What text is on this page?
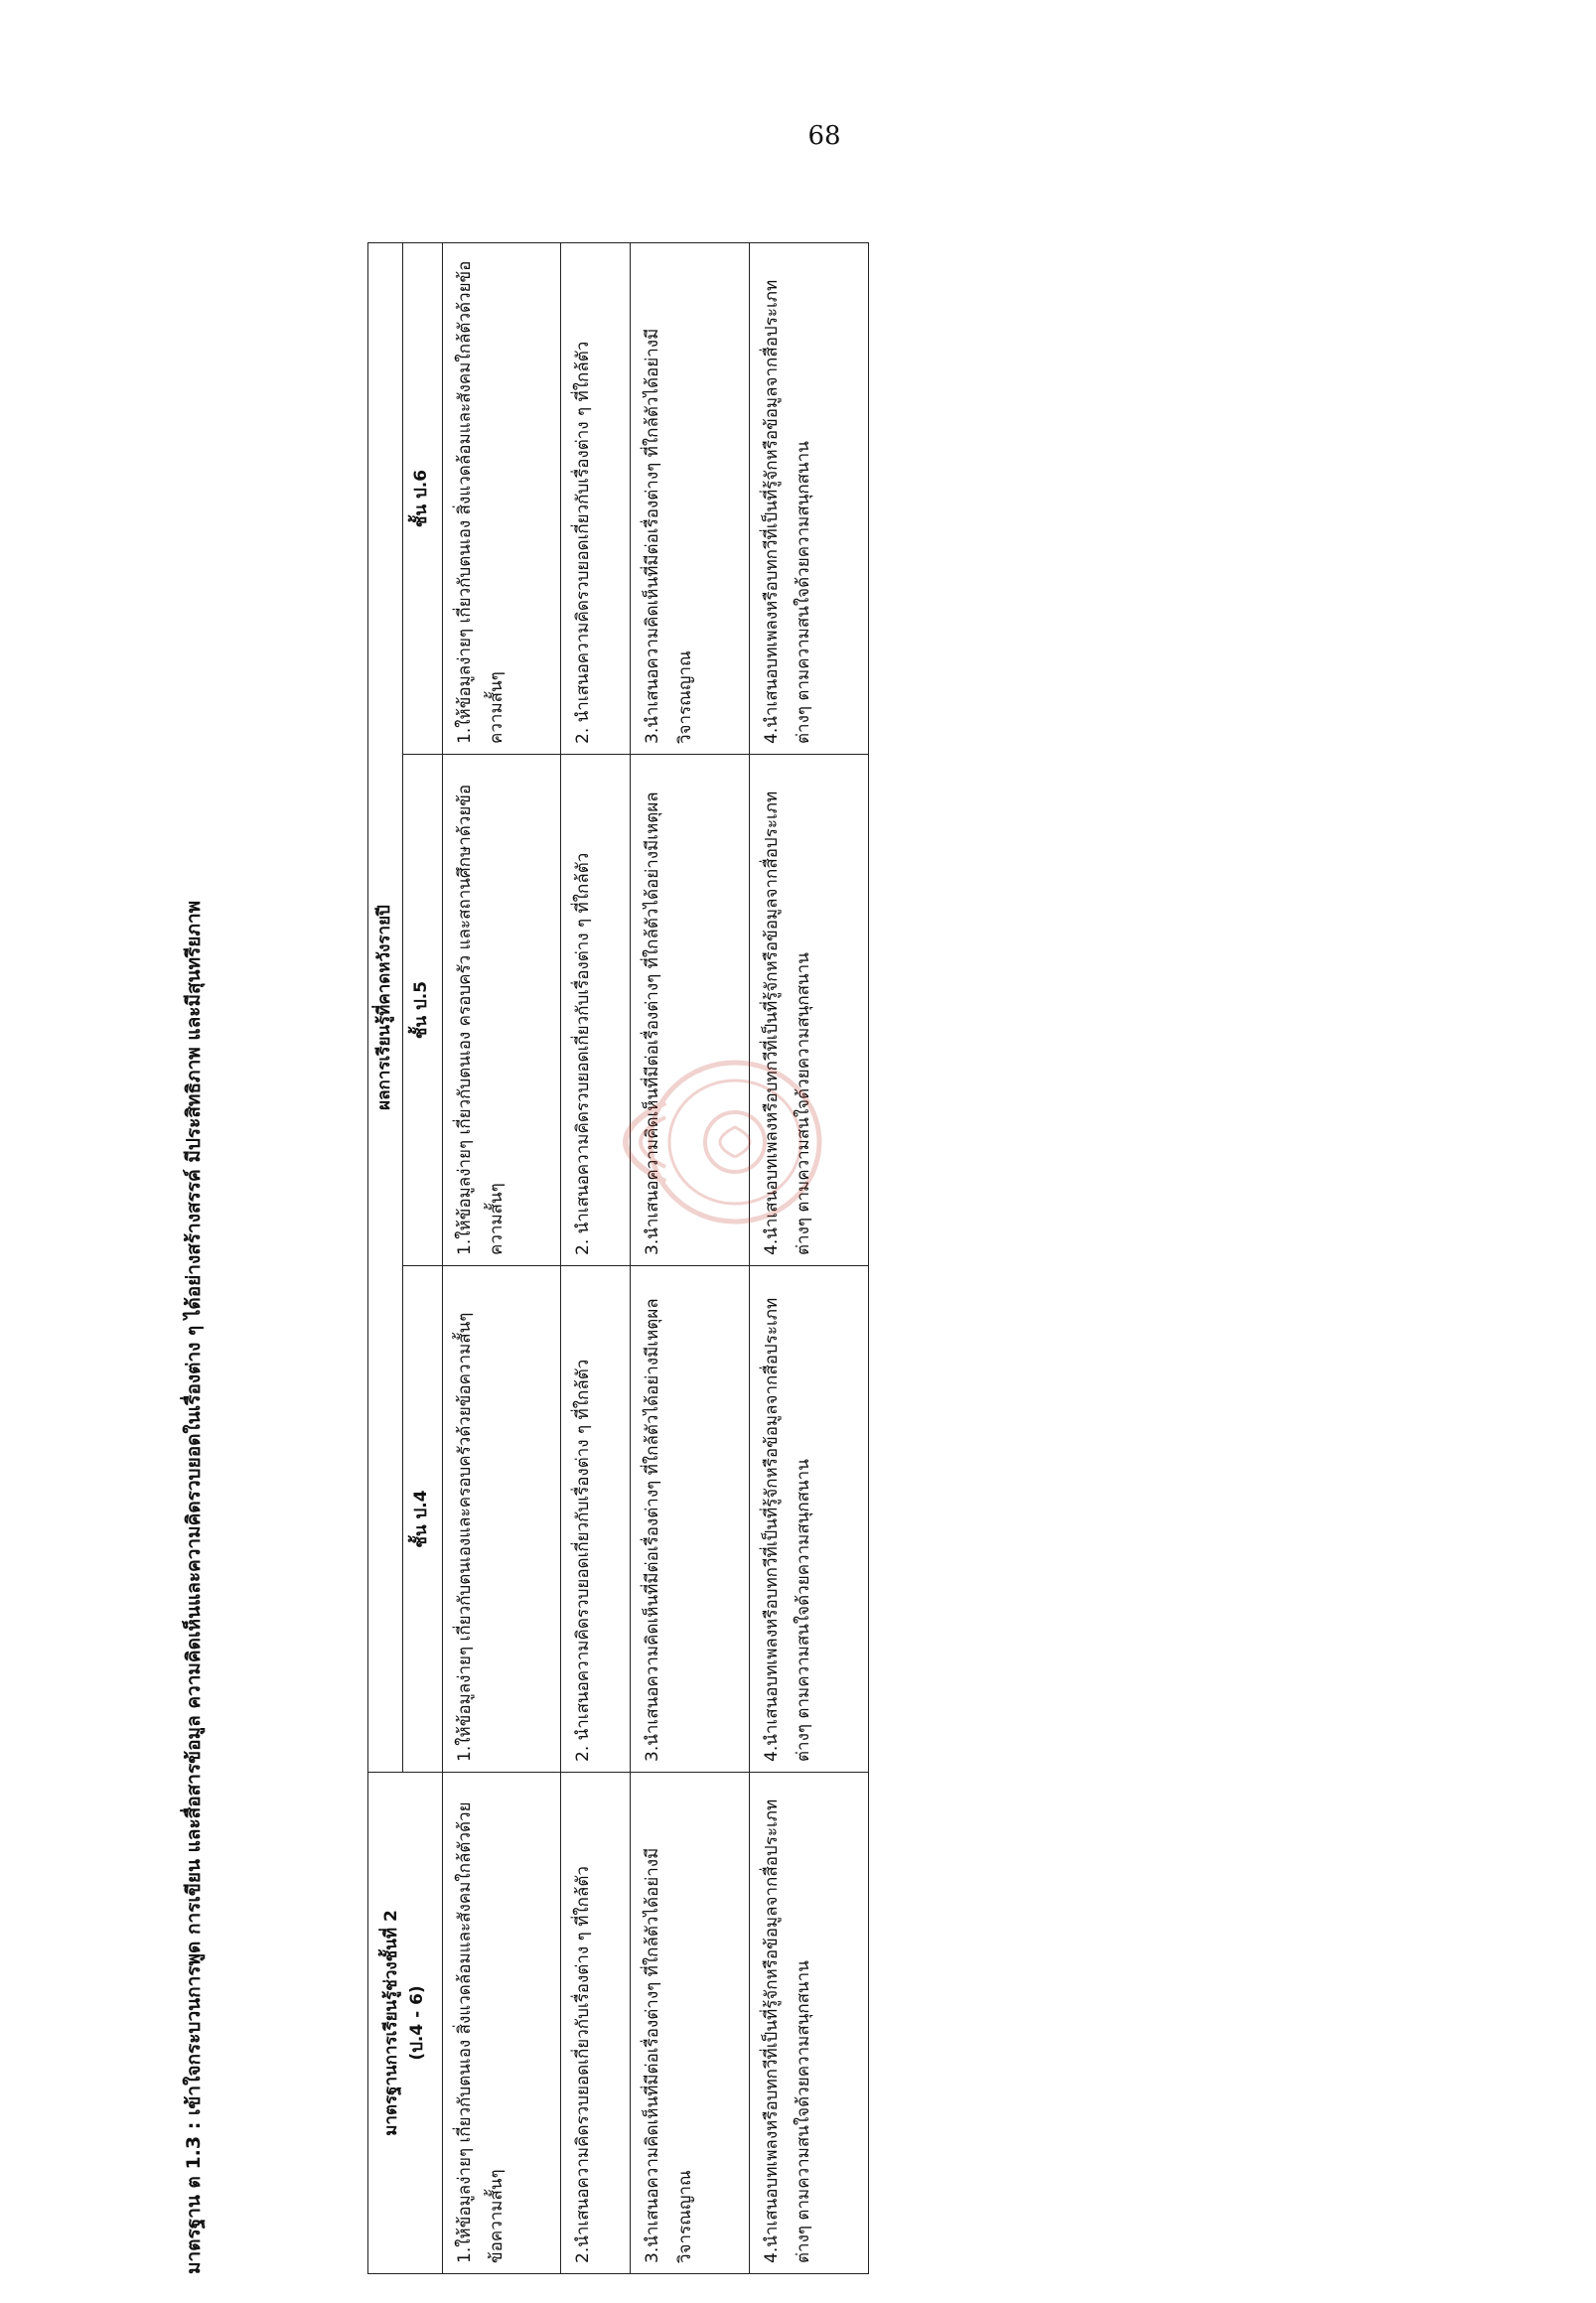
68
มาตรฐาน ต 1.3 : เข้าใจกระบวนการพูด การเขียน และสื่อสารข้อมูล ความคิดเห็นและความคิดรวบยอดในเรื่องต่าง ๆ ได้อย่างสร้างสรรค์ มีประสิทธิภาพ และมีสุนทรียภาพ	มาตรฐานการเรียนรู้ช่วงชั้นที่ 2 (ป.4 - 6)	ผลการเรียนรู้ที่คาดหวังรายปี		
	ชั้น ป.4	ชั้น ป.5	ชั้น ป.6
1.ให้ข้อมูลง่ายๆ เกี่ยวกับตนเอง สิ่งแวดล้อมและสังคมใกล้ตัวด้วยข้อความสั้นๆ	1.ให้ข้อมูลง่ายๆ เกี่ยวกับตนเองและครอบครัวด้วยข้อความสั้นๆ	1.ให้ข้อมูลง่ายๆ เกี่ยวกับตนเอง ครอบครัว และสถานศึกษาด้วยข้อความสั้นๆ	1.ให้ข้อมูลง่ายๆ เกี่ยวกับตนเอง สิ่งแวดล้อมและสังคมใกล้ตัวด้วยข้อความสั้นๆ
2.นำเสนอความคิดรวบยอดเกี่ยวกับเรื่องต่าง ๆ ที่ใกล้ตัว	2. นำเสนอความคิดรวบยอดเกี่ยวกับเรื่องต่าง ๆ ที่ใกล้ตัว	2. นำเสนอความคิดรวบยอดเกี่ยวกับเรื่องต่าง ๆ ที่ใกล้ตัว	2. นำเสนอความคิดรวบยอดเกี่ยวกับเรื่องต่าง ๆ ที่ใกล้ตัว
3.นำเสนอความคิดเห็นที่มีต่อเรื่องต่างๆ ที่ใกล้ตัวได้อย่างมีวิจารณญาณ	3.นำเสนอความคิดเห็นที่มีต่อเรื่องต่างๆ ที่ใกล้ตัวได้อย่างมีเหตุผล	3.นำเสนอความคิดเห็นที่มีต่อเรื่องต่างๆ ที่ใกล้ตัวได้อย่างมีเหตุผล	3.นำเสนอความคิดเห็นที่มีต่อเรื่องต่างๆ ที่ใกล้ตัวได้อย่างมีวิจารณญาณ
4.นำเสนอบทเพลงหรือบทกวีที่เป็นที่รู้จักหรือข้อมูลจากสื่อประเภทต่างๆ ตามความสนใจด้วยความสนุกสนาน	4.นำเสนอบทเพลงหรือบทกวีที่เป็นที่รู้จักหรือข้อมูลจากสื่อประเภทต่างๆ ตามความสนใจด้วยความสนุกสนาน	4.นำเสนอบทเพลงหรือบทกวีที่เป็นที่รู้จักหรือข้อมูลจากสื่อประเภทต่างๆ ตามความสนใจด้วยความสนุกสนาน	4.นำเสนอบทเพลงหรือบทกวีที่เป็นที่รู้จักหรือข้อมูลจากสื่อประเภทต่างๆ ตามความสนใจด้วยความสนุกสนาน
